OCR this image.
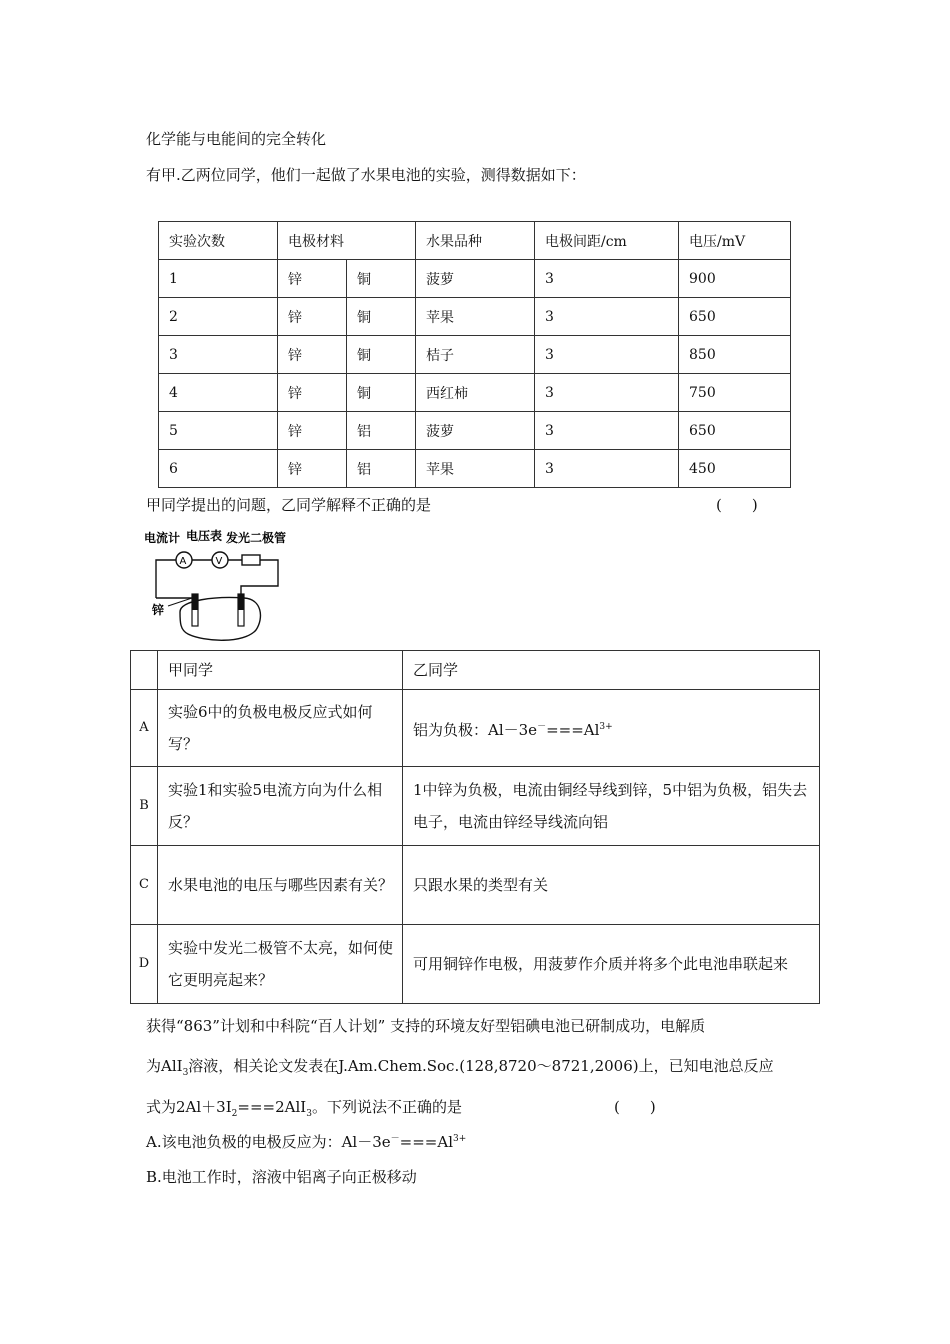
化学能与电能间的完全转化
有甲.乙两位同学，他们一起做了水果电池的实验，测得数据如下：
实验次数	电极材料		水果品种	电极间距/cm	电压/mV
1	锌	铜	菠萝	3	900
2	锌	铜	苹果	3	650
3	锌	铜	桔子	3	850
4	锌	铜	西红柿	3	750
5	锌	铝	菠萝	3	650
6	锌	铝	苹果	3	450
甲同学提出的问题，乙同学解释不正确的是	(　　)
电流计 电压表 发光二极管
A	V
锌
	甲同学	乙同学
A	实验6中的负极电极反应式如何写？	铝为负极：$Al-3e^-===Al^{3+}$
B	实验1和实验5电流方向为什么相反？	1中锌为负极，电流由铜经导线到锌，5中铝为负极，铝失去电子，电流由锌经导线流向铝
C	水果电池的电压与哪些因素有关？	只跟水果的类型有关
D	实验中发光二极管不太亮，如何使它更明亮起来？	可用铜锌作电极，用菠萝作介质并将多个此电池串联起来
获得“863”计划和中科院“百人计划” 支持的环境友好型铝碘电池已研制成功，电解质
为AlI$_3$溶液，相关论文发表在J.Am.Chem.Soc.(128,8720～8721,2006)上，已知电池总反应
式为$2Al+3I_2===2AlI_3$。下列说法不正确的是	(　　)
A.该电池负极的电极反应为：$Al-3e^-===Al^{3+}$
B.电池工作时，溶液中铝离子向正极移动
